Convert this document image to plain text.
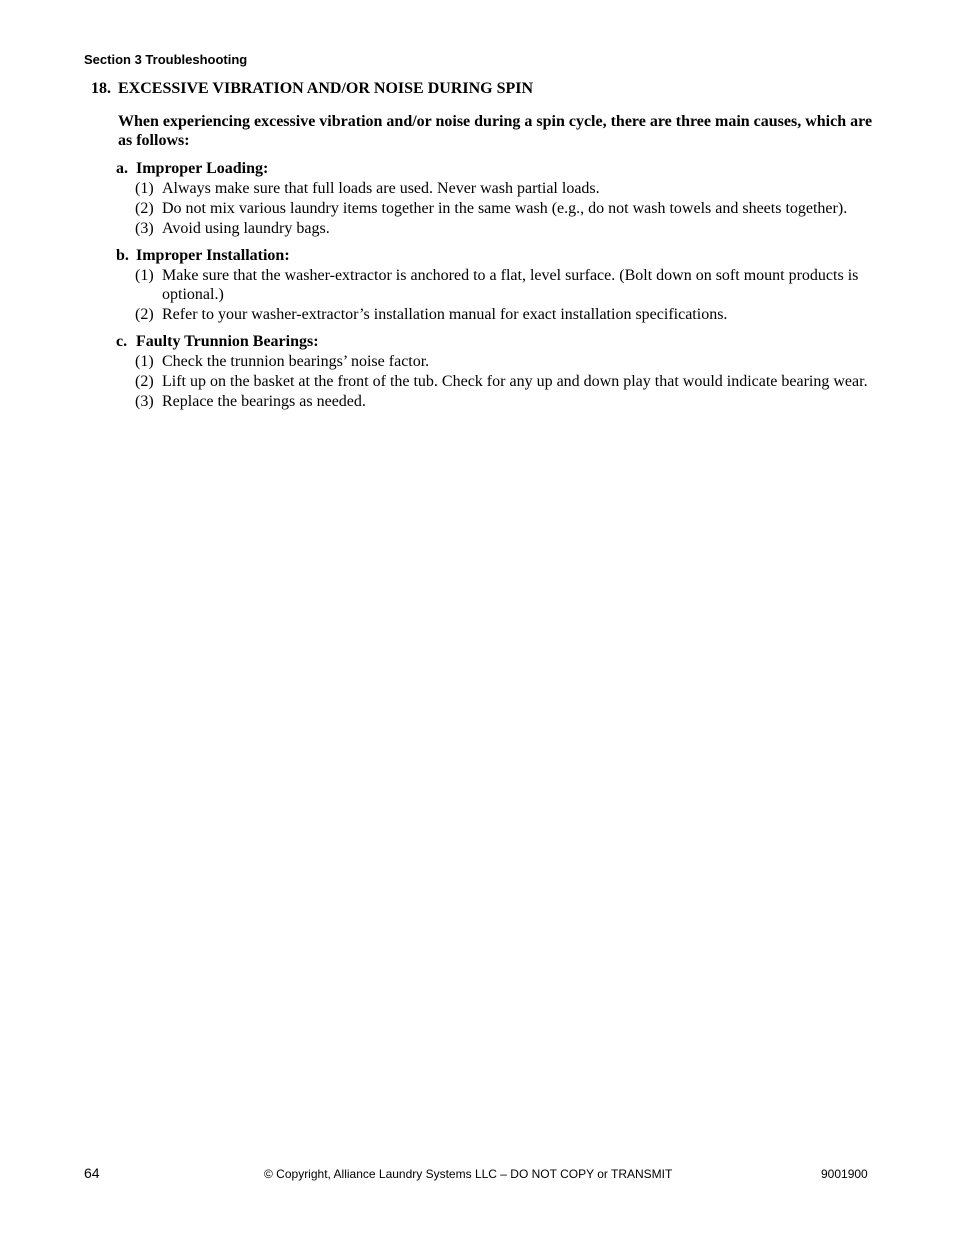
Section 3 Troubleshooting
18. EXCESSIVE VIBRATION AND/OR NOISE DURING SPIN
When experiencing excessive vibration and/or noise during a spin cycle, there are three main causes, which are as follows:
a. Improper Loading:
(1) Always make sure that full loads are used. Never wash partial loads.
(2) Do not mix various laundry items together in the same wash (e.g., do not wash towels and sheets together).
(3) Avoid using laundry bags.
b. Improper Installation:
(1) Make sure that the washer-extractor is anchored to a flat, level surface. (Bolt down on soft mount products is optional.)
(2) Refer to your washer-extractor’s installation manual for exact installation specifications.
c. Faulty Trunnion Bearings:
(1) Check the trunnion bearings’ noise factor.
(2) Lift up on the basket at the front of the tub. Check for any up and down play that would indicate bearing wear.
(3) Replace the bearings as needed.
64	© Copyright, Alliance Laundry Systems LLC – DO NOT COPY or TRANSMIT	9001900
